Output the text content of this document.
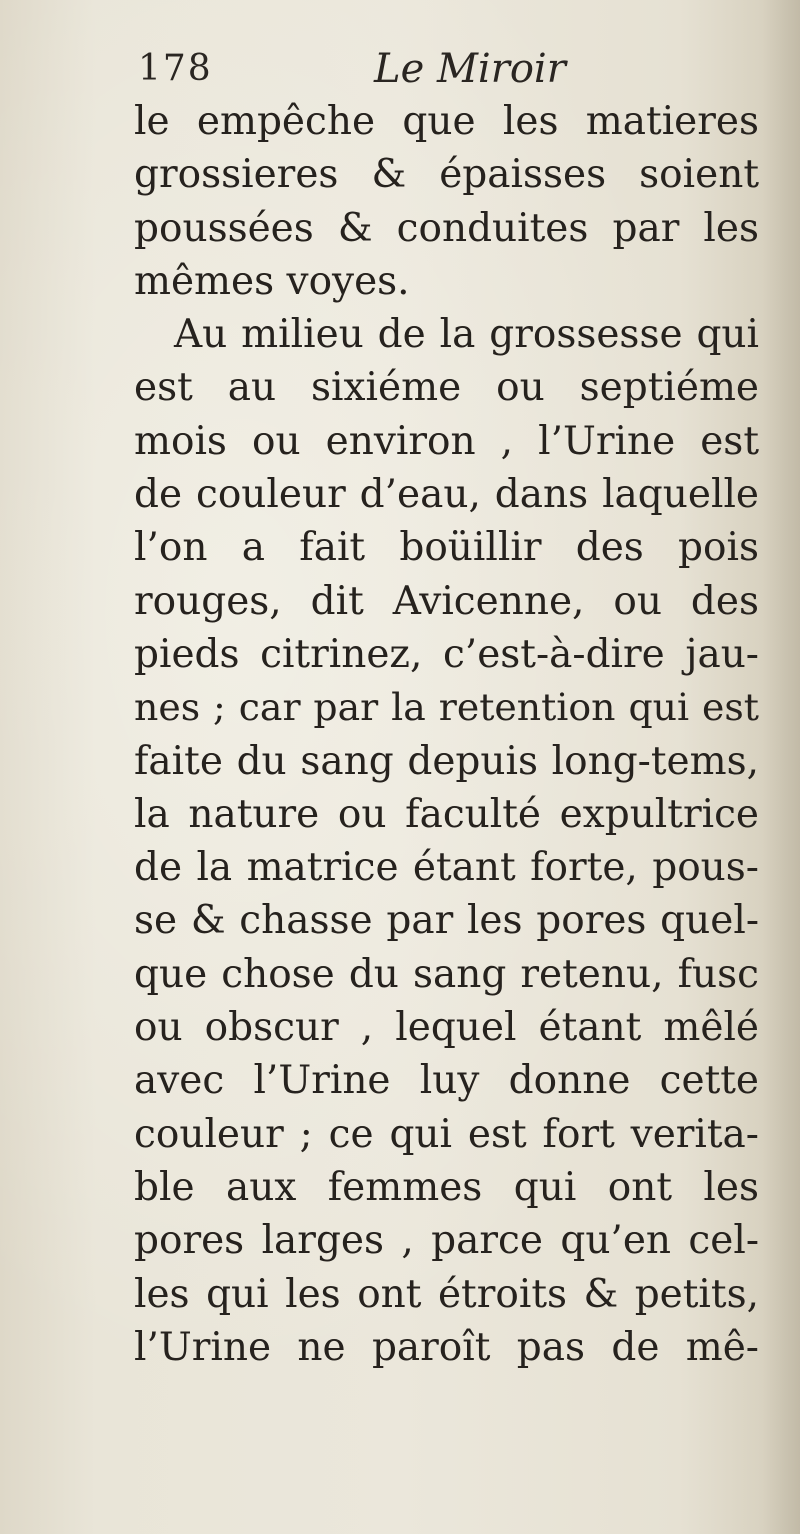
178	Le Miroir
le empêche que les matieres
grossieres & épaisses soient
poussées & conduites par les
mêmes voyes.
Au milieu de la grossesse qui
est au sixiéme ou septiéme
mois ou environ , l’Urine est
de couleur d’eau, dans laquelle
l’on a fait boüillir des pois
rouges, dit Avicenne, ou des
pieds citrinez, c’est-à-dire jau-
nes ; car par la retention qui est
faite du sang depuis long-tems,
la nature ou faculté expultrice
de la matrice étant forte, pous-
se & chasse par les pores quel-
que chose du sang retenu, fusc
ou obscur , lequel étant mêlé
avec l’Urine luy donne cette
couleur ; ce qui est fort verita-
ble aux femmes qui ont les
pores larges , parce qu’en cel-
les qui les ont étroits & petits,
l’Urine ne paroît pas de mê-
